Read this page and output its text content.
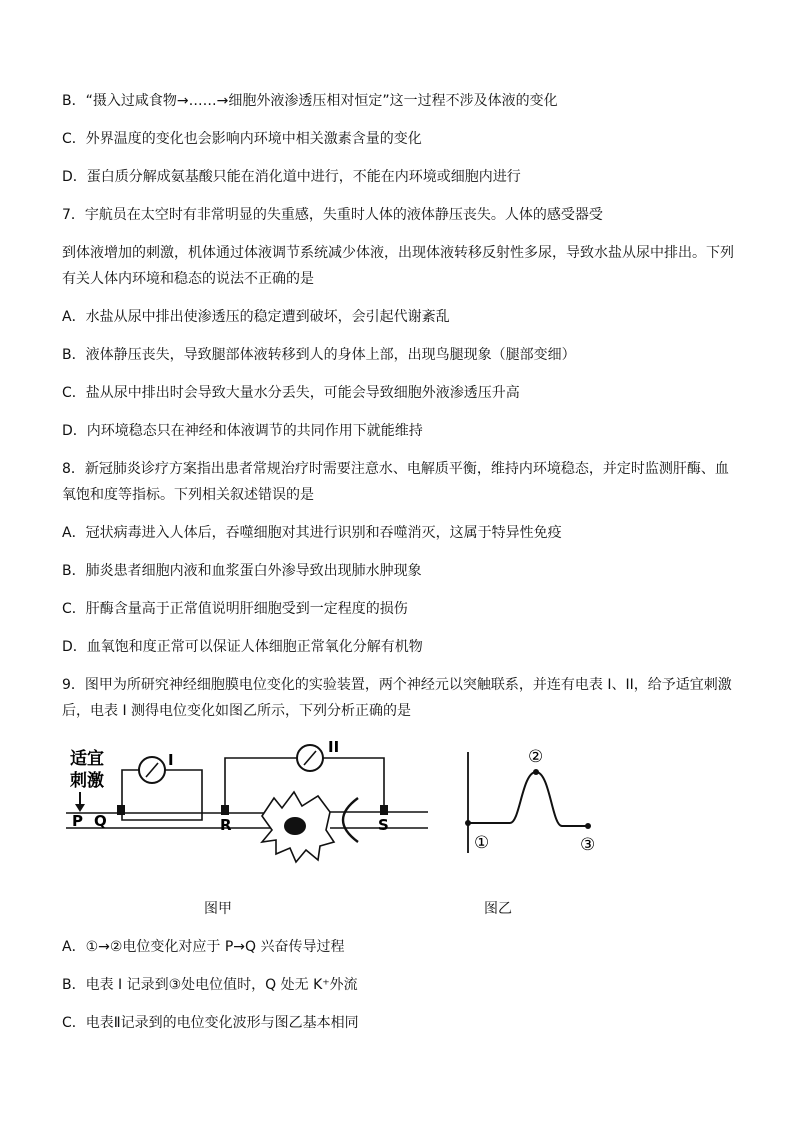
B．“摄入过咸食物→……→细胞外液渗透压相对恒定”这一过程不涉及体液的变化
C．外界温度的变化也会影响内环境中相关激素含量的变化
D．蛋白质分解成氨基酸只能在消化道中进行，不能在内环境或细胞内进行
7．宇航员在太空时有非常明显的失重感，失重时人体的液体静压丧失。人体的感受器受
到体液增加的刺激，机体通过体液调节系统减少体液，出现体液转移反射性多尿，导致水盐从尿中排出。下列
有关人体内环境和稳态的说法不正确的是
A．水盐从尿中排出使渗透压的稳定遭到破坏，会引起代谢紊乱
B．液体静压丧失，导致腿部体液转移到人的身体上部，出现鸟腿现象（腿部变细）
C．盐从尿中排出时会导致大量水分丢失，可能会导致细胞外液渗透压升高
D．内环境稳态只在神经和体液调节的共同作用下就能维持
8．新冠肺炎诊疗方案指出患者常规治疗时需要注意水、电解质平衡，维持内环境稳态，并定时监测肝酶、血
氧饱和度等指标。下列相关叙述错误的是
A．冠状病毒进入人体后，吞噬细胞对其进行识别和吞噬消灭，这属于特异性免疫
B．肺炎患者细胞内液和血浆蛋白外渗导致出现肺水肿现象
C．肝酶含量高于正常值说明肝细胞受到一定程度的损伤
D．血氧饱和度正常可以保证人体细胞正常氧化分解有机物
9．图甲为所研究神经细胞膜电位变化的实验装置，两个神经元以突触联系，并连有电表 I、II，给予适宜刺激
后，电表 I 测得电位变化如图乙所示，下列分析正确的是
适宜
刺激
I
II
P Q	R	S
①
②
③
图甲	图乙
A．①→②电位变化对应于 P→Q 兴奋传导过程
B．电表 I 记录到③处电位值时，Q 处无 K⁺外流
C．电表Ⅱ记录到的电位变化波形与图乙基本相同
